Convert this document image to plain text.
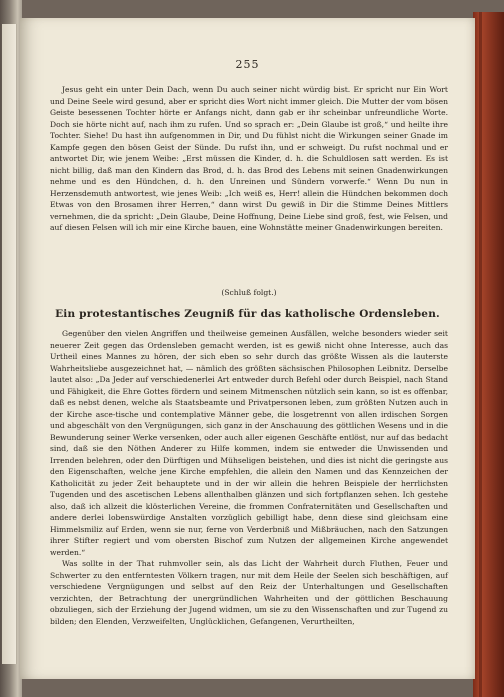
255

Jesus geht ein unter Dein Dach, wenn Du auch seiner nicht würdig bist. Er spricht nur Ein Wort und Deine Seele wird gesund, aber er spricht dies Wort nicht immer gleich. Die Mutter der vom bösen Geiste besessenen Tochter hörte er Anfangs nicht, dann gab er ihr scheinbar unfreundliche Worte. Doch sie hörte nicht auf, nach ihm zu rufen. Und so sprach er: „Dein Glaube ist groß,“ und heilte ihre Tochter. Siehe! Du hast ihn aufgenommen in Dir, und Du fühlst nicht die Wirkungen seiner Gnade im Kampfe gegen den bösen Geist der Sünde. Du rufst ihn, und er schweigt. Du rufst nochmal und er antwortet Dir, wie jenem Weibe: „Erst müssen die Kinder, d. h. die Schuldlosen satt werden. Es ist nicht billig, daß man den Kindern das Brod, d. h. das Brod des Lebens mit seinen Gnadenwirkungen nehme und es den Hündchen, d. h. den Unreinen und Sündern vorwerfe.“ Wenn Du nun in Herzensdemuth antwortest, wie jenes Weib: „Ich weiß es, Herr! allein die Hündchen bekommen doch Etwas von den Brosamen ihrer Herren,“ dann wirst Du gewiß in Dir die Stimme Deines Mittlers vernehmen, die da spricht: „Dein Glaube, Deine Hoffnung, Deine Liebe sind groß, fest, wie Felsen, und auf diesen Felsen will ich mir eine Kirche bauen, eine Wohnstätte meiner Gnadenwirkungen bereiten.

(Schluß folgt.)
Ein protestantisches Zeugniß für das katholische Ordensleben.

Gegenüber den vielen Angriffen und theilweise gemeinen Ausfällen, welche besonders wieder seit neuerer Zeit gegen das Ordensleben gemacht werden, ist es gewiß nicht ohne Interesse, auch das Urtheil eines Mannes zu hören, der sich eben so sehr durch das größte Wissen als die lauterste Wahrheitsliebe ausgezeichnet hat, — nämlich des größten sächsischen Philosophen Leibnitz. Derselbe lautet also: „Da Jeder auf verschiedenerlei Art entweder durch Befehl oder durch Beispiel, nach Stand und Fähigkeit, die Ehre Gottes fördern und seinem Mitmenschen nützlich sein kann, so ist es offenbar, daß es nebst denen, welche als Staatsbeamte und Privatpersonen leben, zum größten Nutzen auch in der Kirche asce-tische und contemplative Männer gebe, die losgetrennt von allen irdischen Sorgen und abgeschält von den Vergnügungen, sich ganz in der Anschauung des göttlichen Wesens und in die Bewunderung seiner Werke versenken, oder auch aller eigenen Geschäfte entlöst, nur auf das bedacht sind, daß sie den Nöthen Anderer zu Hilfe kommen, indem sie entweder die Unwissenden und Irrenden belehren, oder den Dürftigen und Mühseligen beistehen, und dies ist nicht die geringste aus den Eigenschaften, welche jene Kirche empfehlen, die allein den Namen und das Kennzeichen der Katholicität zu jeder Zeit behauptete und in der wir allein die hehren Beispiele der herrlichsten Tugenden und des ascetischen Lebens allenthalben glänzen und sich fortpflanzen sehen. Ich gestehe also, daß ich allzeit die klösterlichen Vereine, die frommen Confraternitäten und Gesellschaften und andere derlei lobenswürdige Anstalten vorzüglich gebilligt habe, denn diese sind gleichsam eine Himmelsmiliz auf Erden, wenn sie nur, ferne von Verderbniß und Mißbräuchen, nach den Satzungen ihrer Stifter regiert und vom obersten Bischof zum Nutzen der allgemeinen Kirche angewendet werden.“

Was sollte in der That ruhmvoller sein, als das Licht der Wahrheit durch Fluthen, Feuer und Schwerter zu den entferntesten Völkern tragen, nur mit dem Heile der Seelen sich beschäftigen, auf verschiedene Vergnügungen und selbst auf den Reiz der Unterhaltungen und Gesellschaften verzichten, der Betrachtung der unergründlichen Wahrheiten und der göttlichen Beschauung obzuliegen, sich der Erziehung der Jugend widmen, um sie zu den Wissenschaften und zur Tugend zu bilden; den Elenden, Verzweifelten, Unglücklichen, Gefangenen, Verurtheilten,
